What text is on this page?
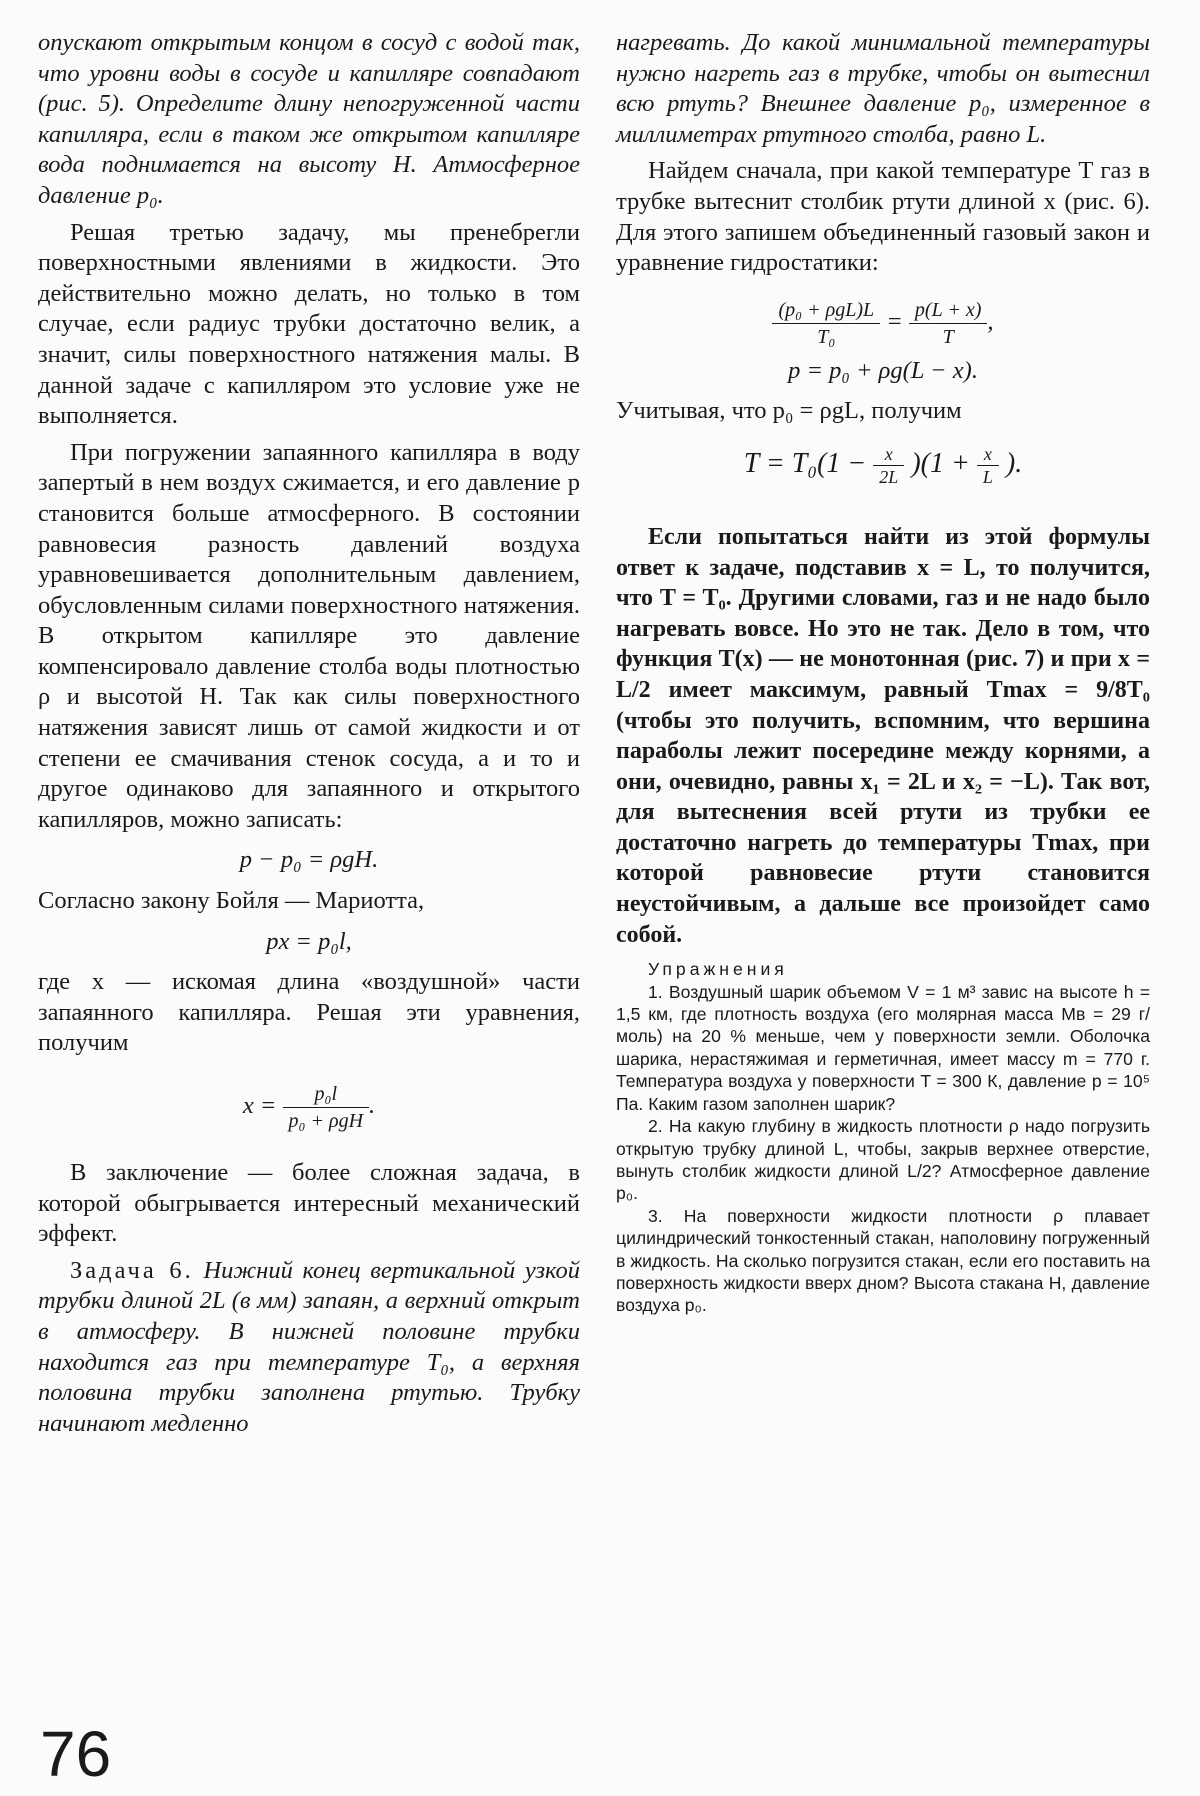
опускают открытым концом в сосуд с водой так, что уровни воды в сосуде и капилляре совпадают (рис. 5). Определите длину непогруженной части капилляра, если в таком же открытом капилляре вода поднимается на высоту H. Атмосферное давление p₀.

Решая третью задачу, мы пренебрегли поверхностными явлениями в жидкости. Это действительно можно делать, но только в том случае, если радиус трубки достаточно велик, а значит, силы поверхностного натяжения малы. В данной задаче с капилляром это условие уже не выполняется.

При погружении запаянного капилляра в воду запертый в нем воздух сжимается, и его давление p становится больше атмосферного. В состоянии равновесия разность давлений воздуха уравновешивается дополнительным давлением, обусловленным силами поверхностного натяжения. В открытом капилляре это давление компенсировало давление столба воды плотностью ρ и высотой H. Так как силы поверхностного натяжения зависят лишь от самой жидкости и от степени ее смачивания стенок сосуда, а и то и другое одинаково для запаянного и открытого капилляров, можно записать:

p − p₀ = ρgH.

Согласно закону Бойля — Мариотта,

px = p₀l,

где x — искомая длина «воздушной» части запаянного капилляра. Решая эти уравнения, получим

$x = \frac{\text{p₀l}}{\text{p₀ + ρgH}}$ .

В заключение — более сложная задача, в которой обыгрывается интересный механический эффект.

Задача 6. Нижний конец вертикальной узкой трубки длиной 2L (в мм) запаян, а верхний открыт в атмосферу. В нижней половине трубки находится газ при температуре T₀, а верхняя половина трубки заполнена ртутью. Трубку начинают медленно

нагревать. До какой минимальной температуры нужно нагреть газ в трубке, чтобы он вытеснил всю ртуть? Внешнее давление p₀, измеренное в миллиметрах ртутного столба, равно L.

Найдем сначала, при какой температуре T газ в трубке вытеснит столбик ртути длиной x (рис. 6). Для этого запишем объединенный газовый закон и уравнение гидростатики:

$\frac{\text{(p₀ + ρgL)L}}{\text{T₀}} = \frac{p(L + x)}{T}$ ,
p = p₀ + ρg(L − x).

Учитывая, что p₀ = ρgL, получим

$T = T_0(1 - \frac{x}{2L} )(1 + \frac{x}{L}$ ).

Если попытаться найти из этой формулы ответ к задаче, подставив x = L, то получится, что T = T₀. Другими словами, газ и не надо было нагревать вовсе. Но это не так. Дело в том, что функция T(x) — не монотонная (рис. 7) и при x = L/2 имеет максимум, равный Tmax = 9/8T₀ (чтобы это получить, вспомним, что вершина параболы лежит посередине между корнями, а они, очевидно, равны x₁ = 2L и x₂ = −L). Так вот, для вытеснения всей ртути из трубки ее достаточно нагреть до температуры Tmax, при которой равновесие ртути становится неустойчивым, а дальше все произойдет само собой.

Упражнения

1. Воздушный шарик объемом V = 1 м³ завис на высоте h = 1,5 км, где плотность воздуха (его молярная масса Mв = 29 г/моль) на 20 % меньше, чем у поверхности земли. Оболочка шарика, нерастяжимая и герметичная, имеет массу m = 770 г. Температура воздуха у поверхности T = 300 К, давление p = 10⁵ Па. Каким газом заполнен шарик?

2. На какую глубину в жидкость плотности ρ надо погрузить открытую трубку длиной L, чтобы, закрыв верхнее отверстие, вынуть столбик жидкости длиной L/2? Атмосферное давление p₀.

3. На поверхности жидкости плотности ρ плавает цилиндрический тонкостенный стакан, наполовину погруженный в жидкость. На сколько погрузится стакан, если его поставить на поверхность жидкости вверх дном? Высота стакана H, давление воздуха p₀.

76
